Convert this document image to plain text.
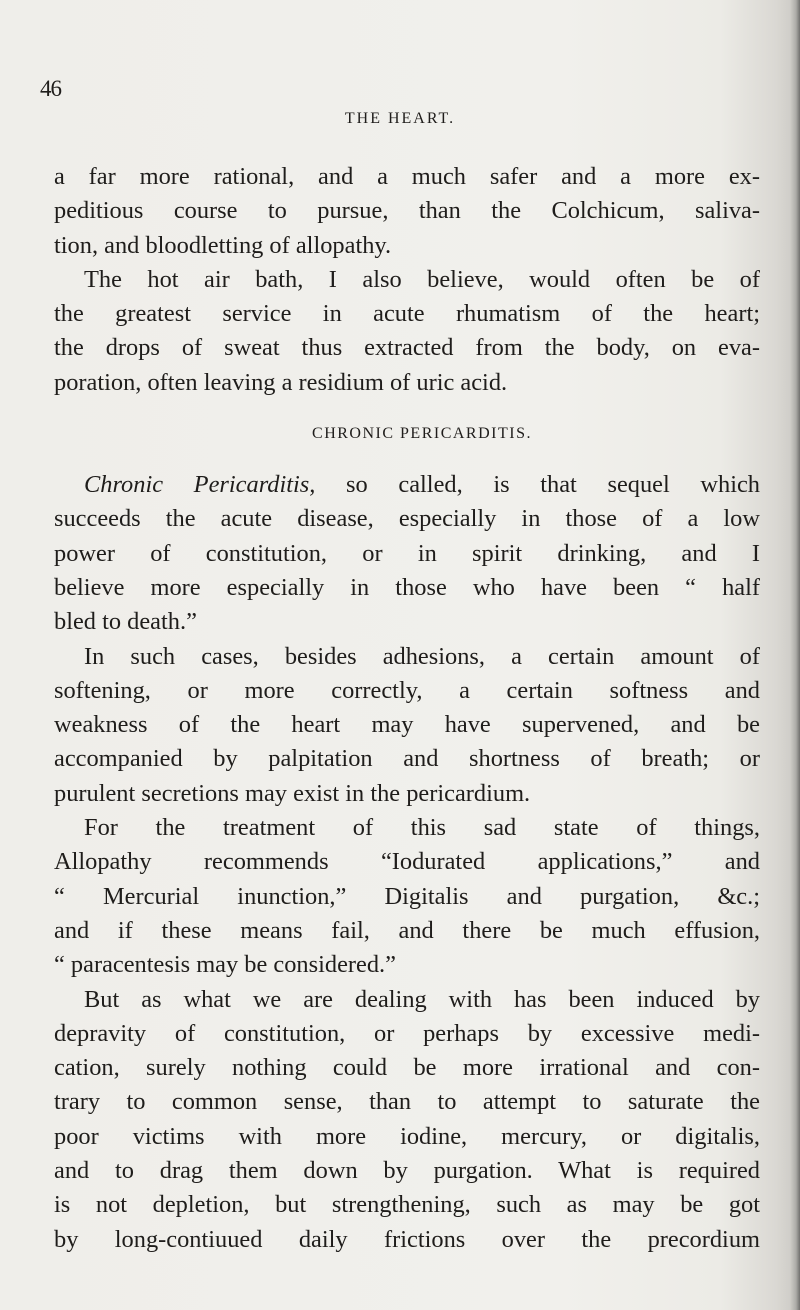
46
THE HEART.
a far more rational, and a much safer and a more ex-
peditious course to pursue, than the Colchicum, saliva-
tion, and bloodletting of allopathy.
The hot air bath, I also believe, would often be of
the greatest service in acute rhumatism of the heart;
the drops of sweat thus extracted from the body, on eva-
poration, often leaving a residium of uric acid.
CHRONIC PERICARDITIS.
Chronic Pericarditis, so called, is that sequel which
succeeds the acute disease, especially in those of a low
power of constitution, or in spirit drinking, and I
believe more especially in those who have been “ half
bled to death.”
In such cases, besides adhesions, a certain amount of
softening, or more correctly, a certain softness and
weakness of the heart may have supervened, and be
accompanied by palpitation and shortness of breath; or
purulent secretions may exist in the pericardium.
For the treatment of this sad state of things,
Allopathy recommends “Iodurated applications,” and
“ Mercurial inunction,” Digitalis and purgation, &c.;
and if these means fail, and there be much effusion,
“ paracentesis may be considered.”
But as what we are dealing with has been induced by
depravity of constitution, or perhaps by excessive medi-
cation, surely nothing could be more irrational and con-
trary to common sense, than to attempt to saturate the
poor victims with more iodine, mercury, or digitalis,
and to drag them down by purgation. What is required
is not depletion, but strengthening, such as may be got
by long-contiuued daily frictions over the precordium
